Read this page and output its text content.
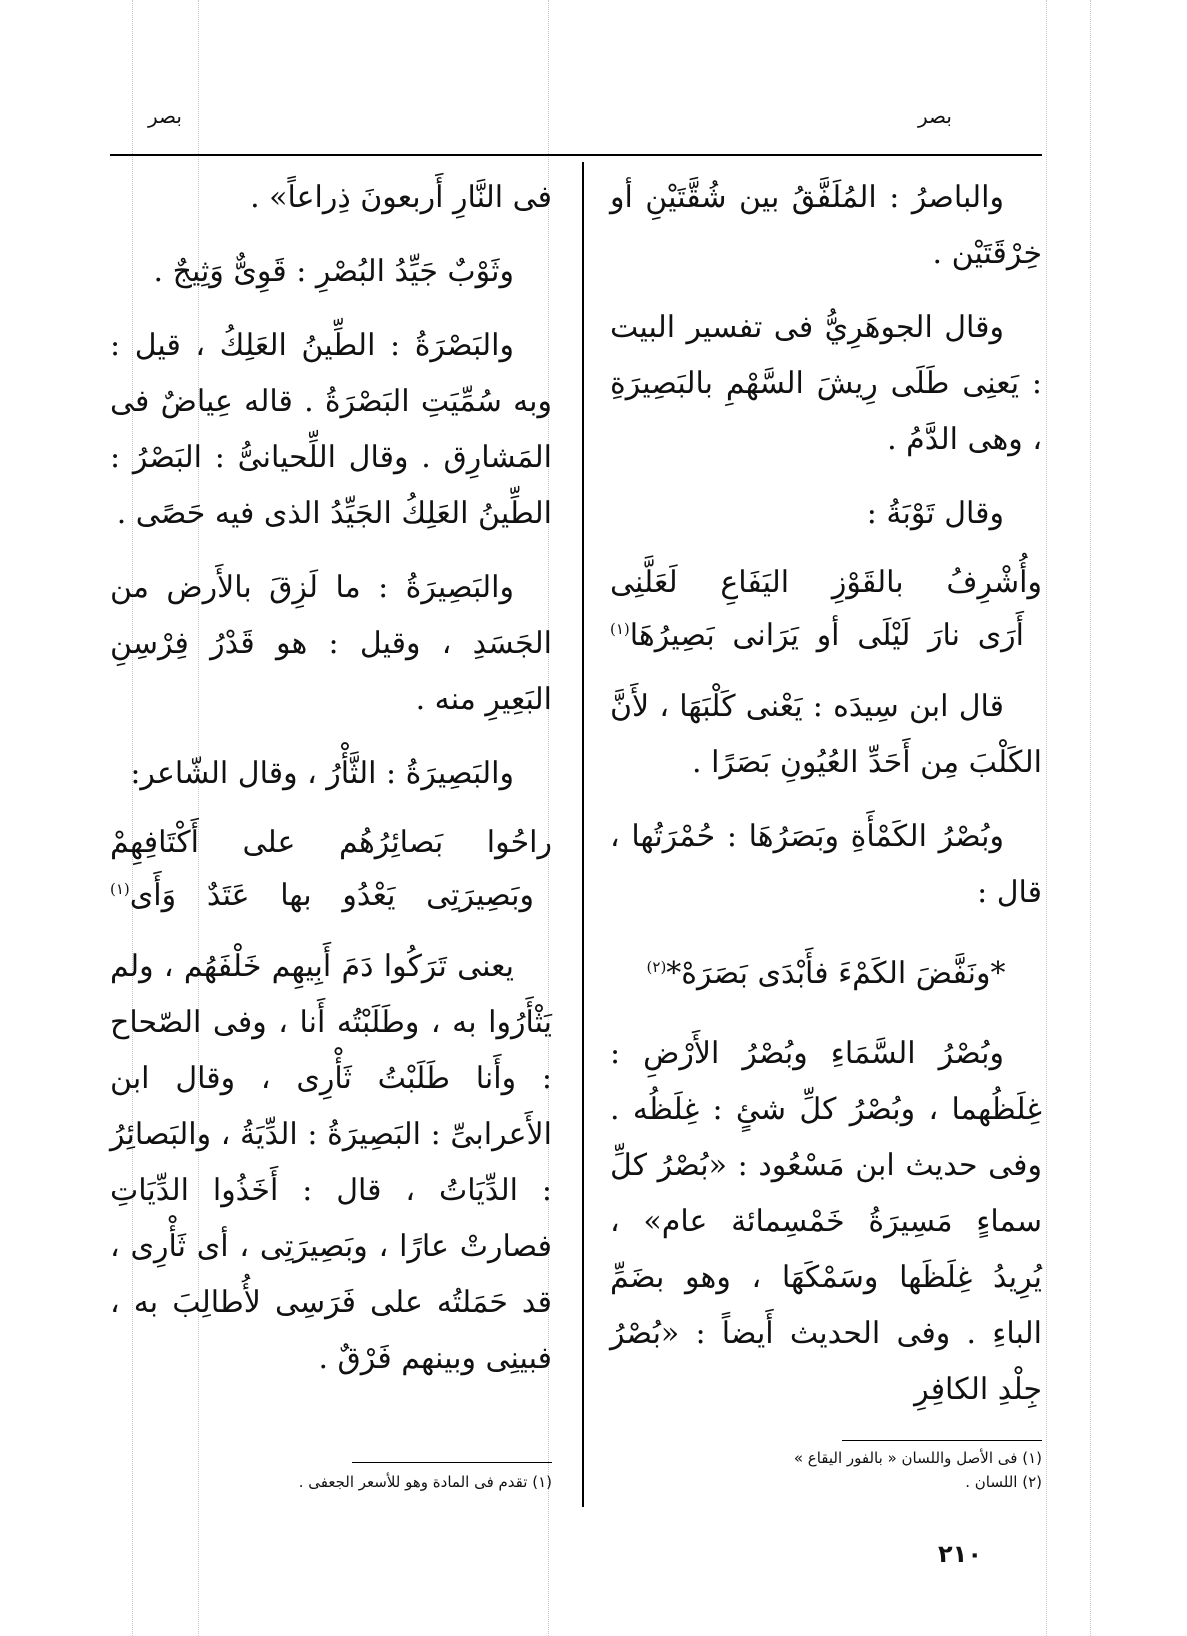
بصر
بصر

والباصرُ : المُلَفَّقُ بين شُقَّتَيْنِ أو خِرْقَتَيْن .

وقال الجوهَرِيُّ فى تفسير البيت : يَعنِى طَلَى رِيشَ السَّهْمِ بالبَصِيرَةِ ، وهى الدَّمُ .

وقال تَوْبَةُ :

وأُشْرِفُ بالقَوْزِ اليَفَاعِ لَعَلَّنِى
أَرَى نارَ لَيْلَى أو يَرَانى بَصِيرُهَا$^{(١)}$

قال ابن سِيدَه : يَعْنى كَلْبَهَا ، لأَنَّ الكَلْبَ مِن أَحَدِّ العُيُونِ بَصَرًا .

وبُصْرُ الكَمْأَةِ وبَصَرُهَا : حُمْرَتُها ، قال :

*ونَفَّضَ الكَمْءَ فأَبْدَى بَصَرَهْ*$^{(٢)}$

وبُصْرُ السَّمَاءِ وبُصْرُ الأَرْضِ : غِلَظُهما ، وبُصْرُ كلِّ شئٍ : غِلَظُه . وفى حديث ابن مَسْعُود : «بُصْرُ كلِّ سماءٍ مَسِيرَةُ خَمْسِمائة عام» ، يُرِيدُ غِلَظَها وسَمْكَهَا ، وهو بضَمِّ الباءِ . وفى الحديث أَيضاً : «بُصْرُ جِلْدِ الكافِرِ

فى النَّارِ أَربعونَ ذِراعاً» .

وثَوْبٌ جَيِّدُ البُصْرِ : قَوِىٌّ وَثِيجٌ .

والبَصْرَةُ : الطِّينُ العَلِكُ ، قيل : وبه سُمِّيَتِ البَصْرَةُ . قاله عِياضٌ فى المَشارِق . وقال اللِّحيانىُّ : البَصْرُ : الطِّينُ العَلِكُ الجَيِّدُ الذى فيه حَصًى .

والبَصِيرَةُ : ما لَزِقَ بالأَرض من الجَسَدِ ، وقيل : هو قَدْرُ فِرْسِنِ البَعِيرِ منه .

والبَصِيرَةُ : الثَّأْرُ ، وقال الشّاعر:

راحُوا بَصائِرُهُم على أَكْتَافِهِمْ
وبَصِيرَتِى يَعْدُو بها عَتَدٌ وَأَى$^{(١)}$

يعنى تَرَكُوا دَمَ أَبِيهِم خَلْفَهُم ، ولم يَثْأَرُوا به ، وطَلَبْتُه أَنا ، وفى الصّحاح : وأَنا طَلَبْتُ ثَأْرِى ، وقال ابن الأَعرابىِّ : البَصِيرَةُ : الدِّيَةُ ، والبَصائِرُ : الدِّيَاتُ ، قال : أَخَذُوا الدِّيَاتِ فصارتْ عارًا ، وبَصِيرَتِى ، أى ثَأْرِى ، قد حَمَلتُه على فَرَسِى لأُطالِبَ به ، فبينِى وبينهم فَرْقٌ .

(١) فى الأصل واللسان « بالفور اليقاع »
(٢) اللسان .
(١) تقدم فى المادة وهو للأسعر الجعفى .
٢١٠
